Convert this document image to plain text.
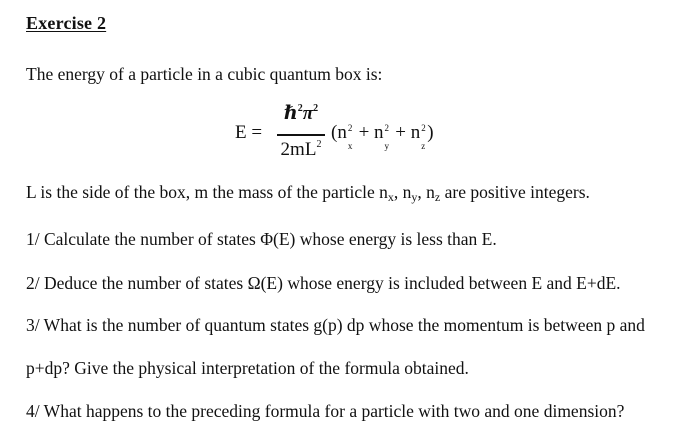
Exercise 2

The energy of a particle in a cubic quantum box is:

E =
$\hbar^2\pi^2$
$2mL^2$
(n 2
x
+ n 2
y
+ n 2
z
)

L is the side of the box, m the mass of the particle $n_x$, $n_y$, $n_z$ are positive integers.

1/ Calculate the number of states Φ(E) whose energy is less than E.

2/ Deduce the number of states Ω(E) whose energy is included between E and E+dE.

3/ What is the number of quantum states g(p) dp whose the momentum is between p and

p+dp? Give the physical interpretation of the formula obtained.

4/ What happens to the preceding formula for a particle with two and one dimension?
